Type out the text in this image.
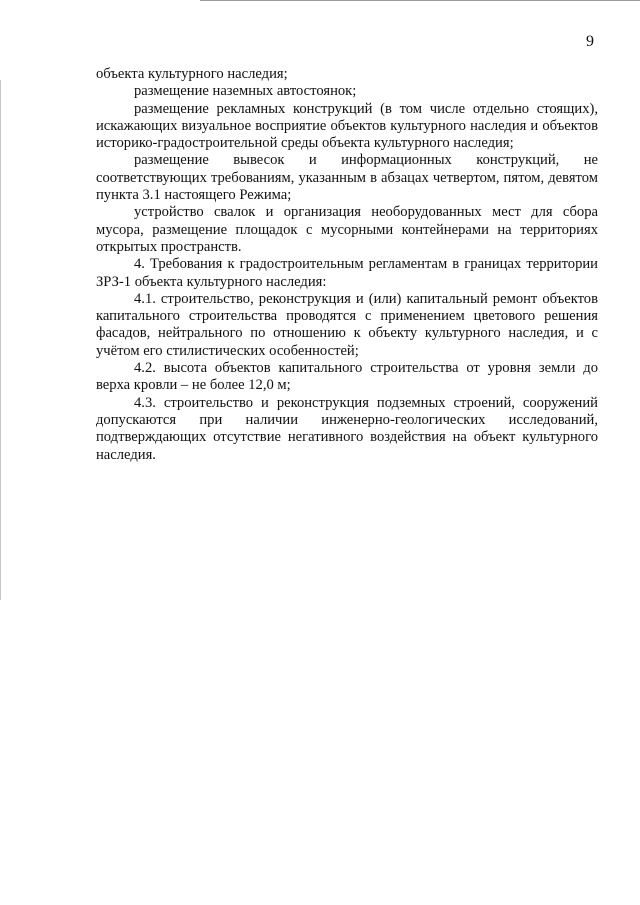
9

объекта культурного наследия;

размещение наземных автостоянок;

размещение рекламных конструкций (в том числе отдельно стоящих), искажающих визуальное восприятие объектов культурного наследия и объектов историко-градостроительной среды объекта культурного наследия;

размещение вывесок и информационных конструкций, не соответствующих требованиям, указанным в абзацах четвертом, пятом, девятом пункта 3.1 настоящего Режима;

устройство свалок и организация необорудованных мест для сбора мусора, размещение площадок с мусорными контейнерами на территориях открытых пространств.

4. Требования к градостроительным регламентам в границах территории ЗРЗ-1 объекта культурного наследия:

4.1. строительство, реконструкция и (или) капитальный ремонт объектов капитального строительства проводятся с применением цветового решения фасадов, нейтрального по отношению к объекту культурного наследия, и с учётом его стилистических особенностей;

4.2. высота объектов капитального строительства от уровня земли до верха кровли – не более 12,0 м;

4.3. строительство и реконструкция подземных строений, сооружений допускаются при наличии инженерно-геологических исследований, подтверждающих отсутствие негативного воздействия на объект культурного наследия.
